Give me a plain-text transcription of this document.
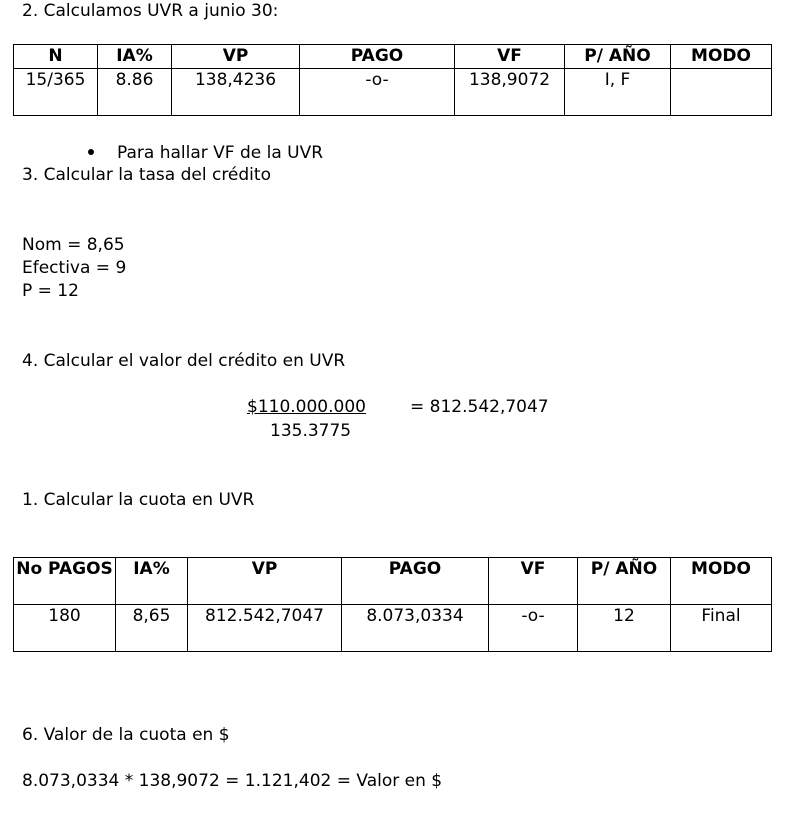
2. Calculamos UVR a junio 30:
N	IA%	VP	PAGO	VF	P/ AÑO	MODO
15/365	8.86	138,4236	-o-	138,9072	I, F	
Para hallar VF de la UVR
3. Calcular la tasa del crédito
Nom = 8,65
Efectiva = 9
P = 12
4. Calcular el valor del crédito en UVR
$110.000.000	= 812.542,7047
135.3775
1. Calcular la cuota en UVR
No PAGOS	IA%	VP	PAGO	VF	P/ AÑO	MODO
180	8,65	812.542,7047	8.073,0334	-o-	12	Final
6. Valor de la cuota en $
8.073,0334 * 138,9072 = 1.121,402 = Valor en $
